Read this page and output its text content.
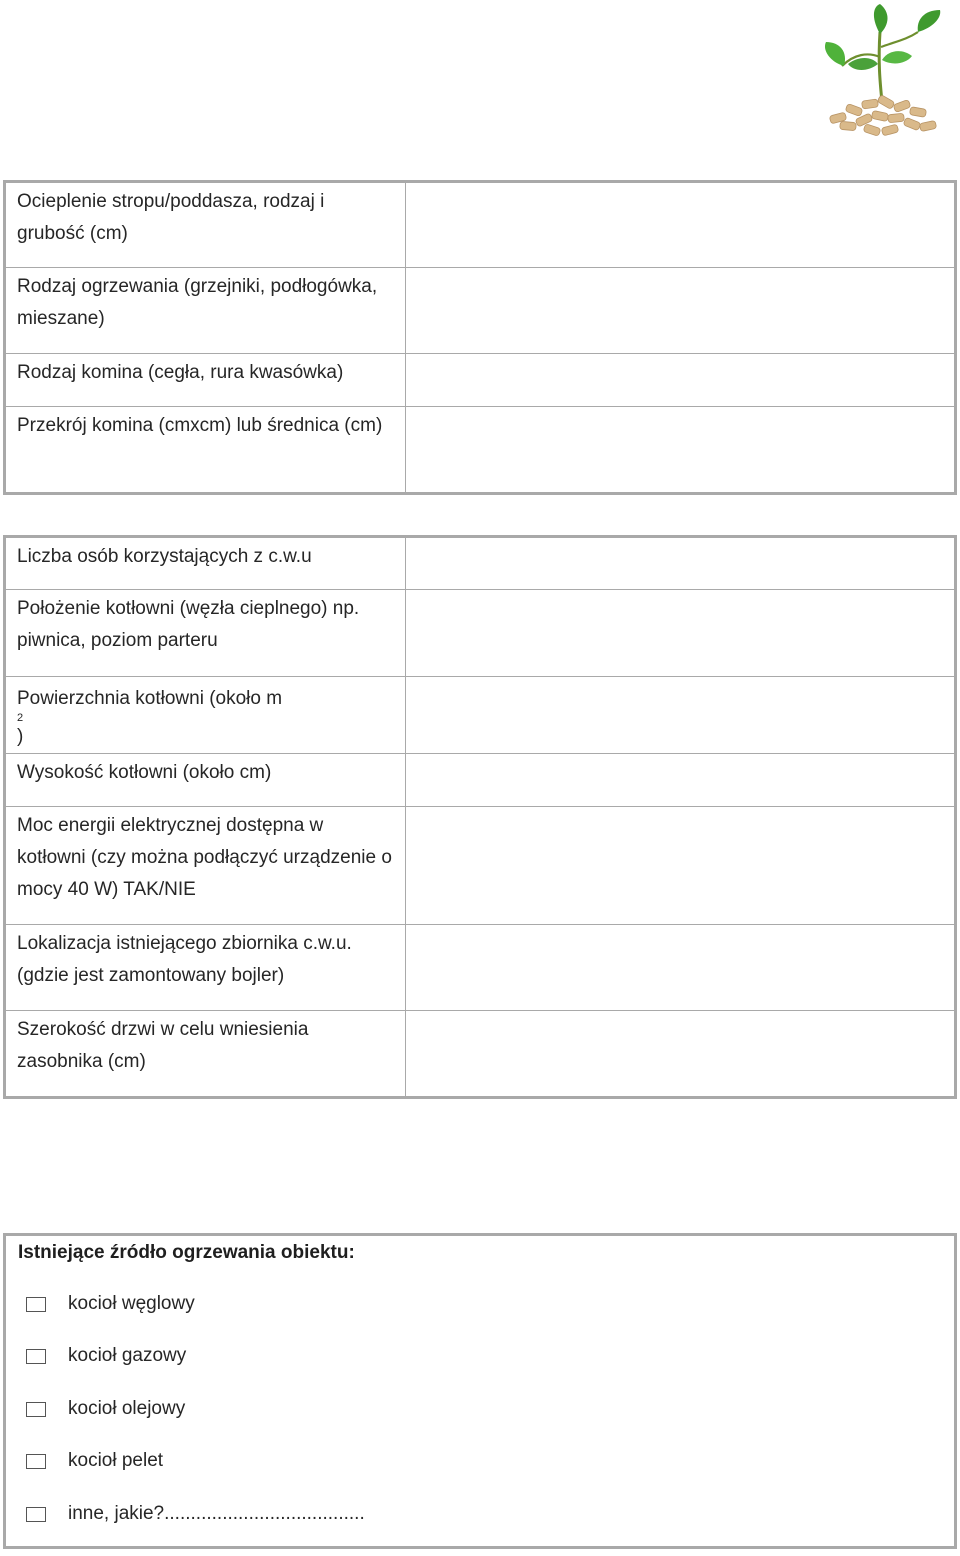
Ocieplenie stropu/poddasza, rodzaj i grubość (cm)	

Rodzaj ogrzewania (grzejniki, podłogówka, mieszane)	

Rodzaj komina (cegła, rura kwasówka)	

Przekrój komina (cmxcm) lub średnica (cm)	

Liczba osób korzystających z c.w.u	

Położenie kotłowni (węzła cieplnego) np. piwnica, poziom parteru	

Powierzchnia kotłowni (około m
2
)	

Wysokość kotłowni (około cm)	

Moc energii elektrycznej dostępna w kotłowni (czy można podłączyć urządzenie o mocy 40 W) TAK/NIE	

Lokalizacja istniejącego zbiornika c.w.u. (gdzie jest zamontowany bojler)	

Szerokość drzwi w celu wniesienia zasobnika (cm)	

Istniejące źródło ogrzewania obiektu:
kocioł węglowy
kocioł gazowy
kocioł olejowy
kocioł pelet
inne, jakie?......................................
